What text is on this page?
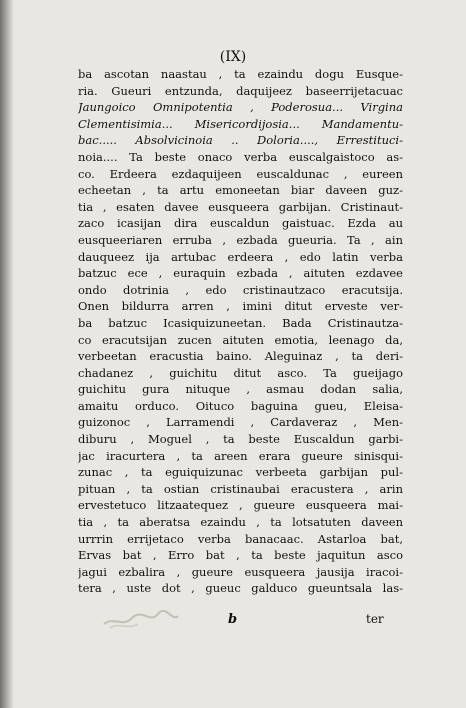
(IX)
ba ascotan naastau , ta ezaindu dogu Eusque-
ria. Gueuri entzunda, daquijeez baseerrijetacuac
Jaungoico Omnipotentia , Poderosua... Virgina
Clementisimia... Misericordijosia... Mandamentu-
bac..... Absolvicinoia .. Doloria...., Errestituci-
noia.... Ta beste onaco verba euscalgaistoco as-
co. Erdeera ezdaquijeen euscaldunac , eureen
echeetan , ta artu emoneetan biar daveen guz-
tia , esaten davee eusqueera garbijan. Cristinaut-
zaco icasijan dira euscaldun gaistuac. Ezda au
eusqueeriaren erruba , ezbada gueuria. Ta , ain
dauqueez ija artubac erdeera , edo latin verba
batzuc ece , euraquin ezbada , aituten ezdavee
ondo dotrinia , edo cristinautzaco eracutsija.
Onen bildurra arren , imini ditut erveste ver-
ba batzuc Icasiquizuneetan. Bada Cristinautza-
co eracutsijan zucen aituten emotia, leenago da,
verbeetan eracustia baino. Aleguinaz , ta deri-
chadanez , guichitu ditut asco. Ta gueijago
guichitu gura nituque , asmau dodan salia,
amaitu orduco. Oituco baguina gueu, Eleisa-
guizonoc , Larramendi , Cardaveraz , Men-
diburu , Moguel , ta beste Euscaldun garbi-
jac iracurtera , ta areen erara gueure sinisqui-
zunac , ta eguiquizunac verbeeta garbijan pul-
pituan , ta ostian cristinaubai eracustera , arin
ervestetuco litzaatequez , gueure eusqueera mai-
tia , ta aberatsa ezaindu , ta lotsatuten daveen
urrrin errijetaco verba banacaac. Astarloa bat,
Ervas bat , Erro bat , ta beste jaquitun asco
jagui ezbalira , gueure eusqueera jausija iracoi-
tera , uste dot , gueuc galduco gueuntsala las-
b	ter
